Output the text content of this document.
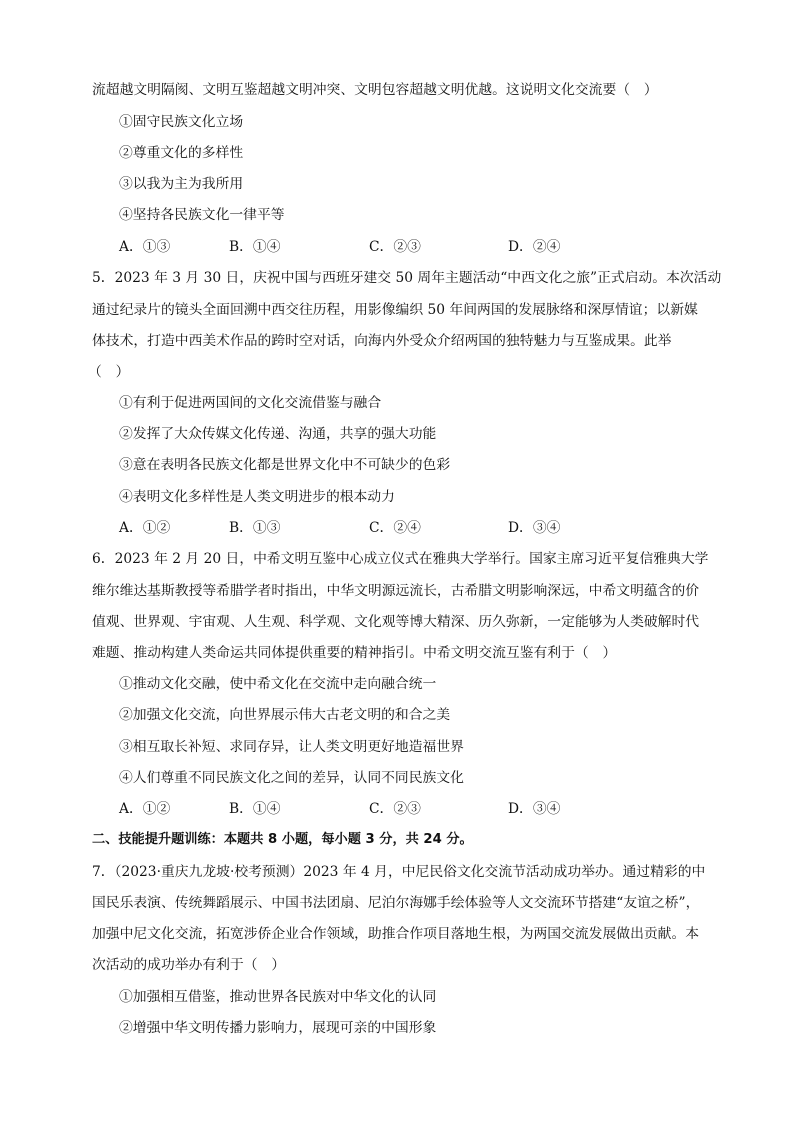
流超越文明隔阂、文明互鉴超越文明冲突、文明包容超越文明优越。这说明文化交流要（　）
①固守民族文化立场
②尊重文化的多样性
③以我为主为我所用
④坚持各民族文化一律平等
A．①③	B．①④	C．②③	D．②④
5．2023 年 3 月 30 日，庆祝中国与西班牙建交 50 周年主题活动“中西文化之旅”正式启动。本次活动
通过纪录片的镜头全面回溯中西交往历程，用影像编织 50 年间两国的发展脉络和深厚情谊；以新媒
体技术，打造中西美术作品的跨时空对话，向海内外受众介绍两国的独特魅力与互鉴成果。此举
（　）
①有利于促进两国间的文化交流借鉴与融合
②发挥了大众传媒文化传递、沟通，共享的强大功能
③意在表明各民族文化都是世界文化中不可缺少的色彩
④表明文化多样性是人类文明进步的根本动力
A．①②	B．①③	C．②④	D．③④
6．2023 年 2 月 20 日，中希文明互鉴中心成立仪式在雅典大学举行。国家主席习近平复信雅典大学
维尔维达基斯教授等希腊学者时指出，中华文明源远流长，古希腊文明影响深远，中希文明蕴含的价
值观、世界观、宇宙观、人生观、科学观、文化观等博大精深、历久弥新，一定能够为人类破解时代
难题、推动构建人类命运共同体提供重要的精神指引。中希文明交流互鉴有利于（　）
①推动文化交融，使中希文化在交流中走向融合统一
②加强文化交流，向世界展示伟大古老文明的和合之美
③相互取长补短、求同存异，让人类文明更好地造福世界
④人们尊重不同民族文化之间的差异，认同不同民族文化
A．①②	B．①④	C．②③	D．③④
二、技能提升题训练：本题共 8 小题，每小题 3 分，共 24 分。
7．（2023·重庆九龙坡·校考预测）2023 年 4 月，中尼民俗文化交流节活动成功举办。通过精彩的中
国民乐表演、传统舞蹈展示、中国书法团扇、尼泊尔海娜手绘体验等人文交流环节搭建“友谊之桥”，
加强中尼文化交流，拓宽涉侨企业合作领域，助推合作项目落地生根，为两国交流发展做出贡献。本
次活动的成功举办有利于（　）
①加强相互借鉴，推动世界各民族对中华文化的认同
②增强中华文明传播力影响力，展现可亲的中国形象
